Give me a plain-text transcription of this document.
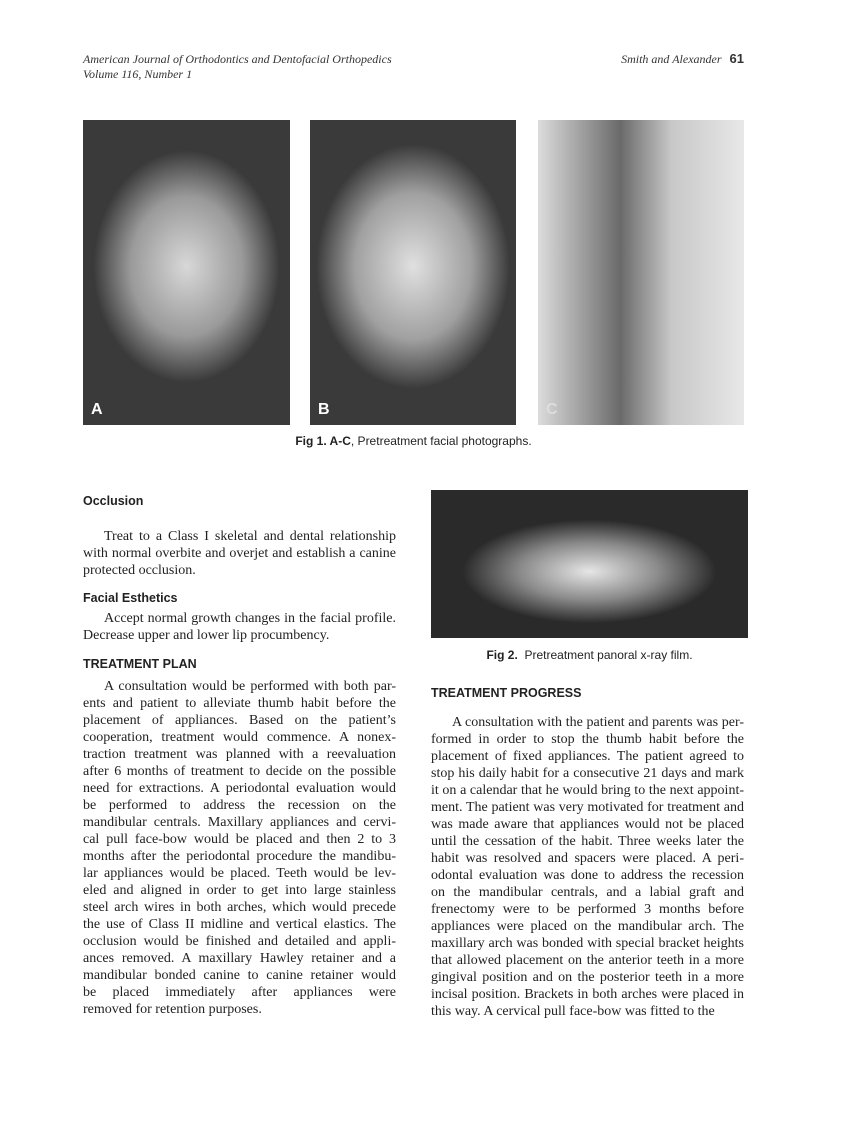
American Journal of Orthodontics and Dentofacial Orthopedics
Volume 116, Number 1
Smith and Alexander 61
A	B	C
Fig 1. A-C, Pretreatment facial photographs.
Fig 2. Pretreatment panoral x-ray film.

Occlusion

Treat to a Class I skeletal and dental relationship
with normal overbite and overjet and establish a canine
protected occlusion.

Facial Esthetics

Accept normal growth changes in the facial profile.
Decrease upper and lower lip procumbency.

TREATMENT PLAN

A consultation would be performed with both par-
ents and patient to alleviate thumb habit before the
placement of appliances. Based on the patient’s
cooperation, treatment would commence. A nonex-
traction treatment was planned with a reevaluation
after 6 months of treatment to decide on the possible
need for extractions. A periodontal evaluation would
be performed to address the recession on the
mandibular centrals. Maxillary appliances and cervi-
cal pull face-bow would be placed and then 2 to 3
months after the periodontal procedure the mandibu-
lar appliances would be placed. Teeth would be lev-
eled and aligned in order to get into large stainless
steel arch wires in both arches, which would precede
the use of Class II midline and vertical elastics. The
occlusion would be finished and detailed and appli-
ances removed. A maxillary Hawley retainer and a
mandibular bonded canine to canine retainer would
be placed immediately after appliances were
removed for retention purposes.

TREATMENT PROGRESS

A consultation with the patient and parents was per-
formed in order to stop the thumb habit before the
placement of fixed appliances. The patient agreed to
stop his daily habit for a consecutive 21 days and mark
it on a calendar that he would bring to the next appoint-
ment. The patient was very motivated for treatment and
was made aware that appliances would not be placed
until the cessation of the habit. Three weeks later the
habit was resolved and spacers were placed. A peri-
odontal evaluation was done to address the recession
on the mandibular centrals, and a labial graft and
frenectomy were to be performed 3 months before
appliances were placed on the mandibular arch. The
maxillary arch was bonded with special bracket heights
that allowed placement on the anterior teeth in a more
gingival position and on the posterior teeth in a more
incisal position. Brackets in both arches were placed in
this way. A cervical pull face-bow was fitted to the
